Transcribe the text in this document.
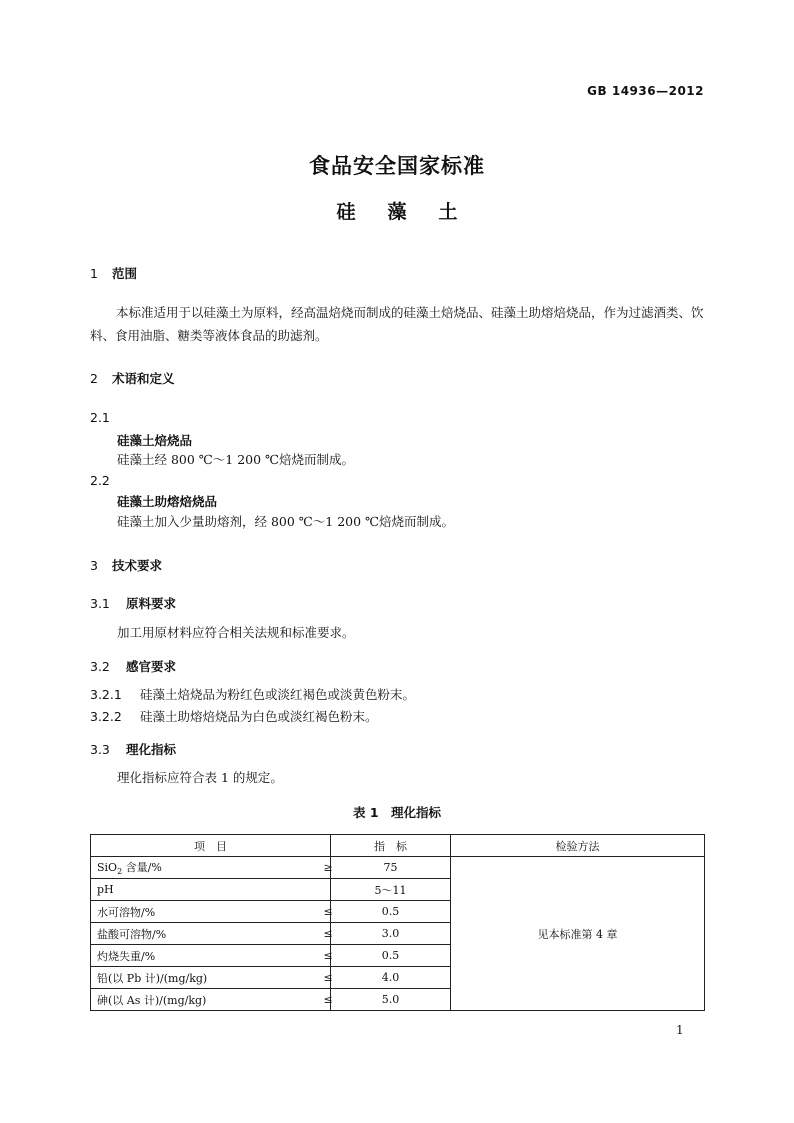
GB 14936—2012
食品安全国家标准
硅藻土
1 范围
本标准适用于以硅藻土为原料，经高温焙烧而制成的硅藻土焙烧品、硅藻土助熔焙烧品，作为过滤酒类、饮料、食用油脂、糖类等液体食品的助滤剂。
2 术语和定义
2.1
硅藻土焙烧品
硅藻土经 800 ℃～1 200 ℃焙烧而制成。
2.2
硅藻土助熔焙烧品
硅藻土加入少量助熔剂，经 800 ℃～1 200 ℃焙烧而制成。
3 技术要求
3.1 原料要求
加工用原材料应符合相关法规和标准要求。
3.2 感官要求
3.2.1 硅藻土焙烧品为粉红色或淡红褐色或淡黄色粉末。
3.2.2 硅藻土助熔焙烧品为白色或淡红褐色粉末。
3.3 理化指标
理化指标应符合表 1 的规定。
表 1　理化指标
项　目		指　标	检验方法
SiO$_2$ 含量/%	≥	75	见本标准第 4 章
pH		5～11	
水可溶物/%	≤	0.5	
盐酸可溶物/%	≤	3.0	
灼烧失重/%	≤	0.5	
铅(以 Pb 计)/(mg/kg)	≤	4.0	
砷(以 As 计)/(mg/kg)	≤	5.0	
1
